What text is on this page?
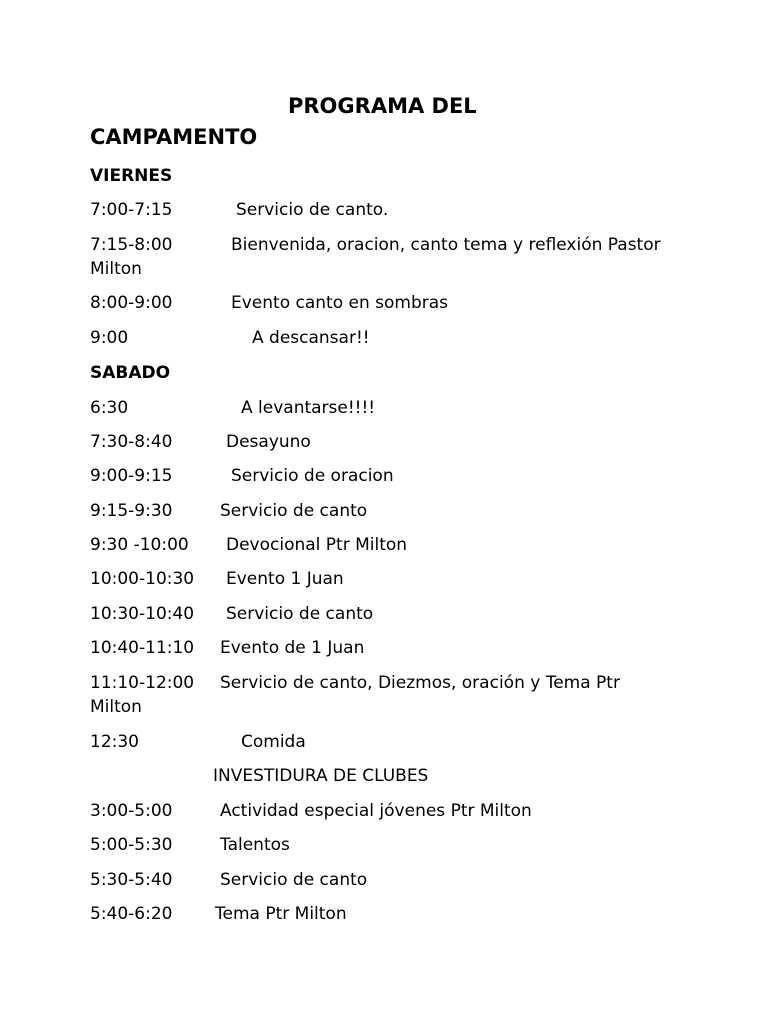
PROGRAMA DEL
CAMPAMENTO
VIERNES
7:00-7:15	Servicio de canto.
7:15-8:00	Bienvenida, oracion, canto tema y reflexión Pastor
Milton
8:00-9:00	Evento canto en sombras
9:00	A descansar!!
SABADO
6:30	A levantarse!!!!
7:30-8:40	Desayuno
9:00-9:15	Servicio de oracion
9:15-9:30	Servicio de canto
9:30 -10:00 Devocional Ptr Milton
10:00-10:30 Evento 1 Juan
10:30-10:40 Servicio de canto
10:40-11:10 Evento de 1 Juan
11:10-12:00 Servicio de canto, Diezmos, oración y Tema Ptr
Milton
12:30	Comida
INVESTIDURA DE CLUBES
3:00-5:00	Actividad especial jóvenes Ptr Milton
5:00-5:30	Talentos
5:30-5:40	Servicio de canto
5:40-6:20	Tema Ptr Milton
